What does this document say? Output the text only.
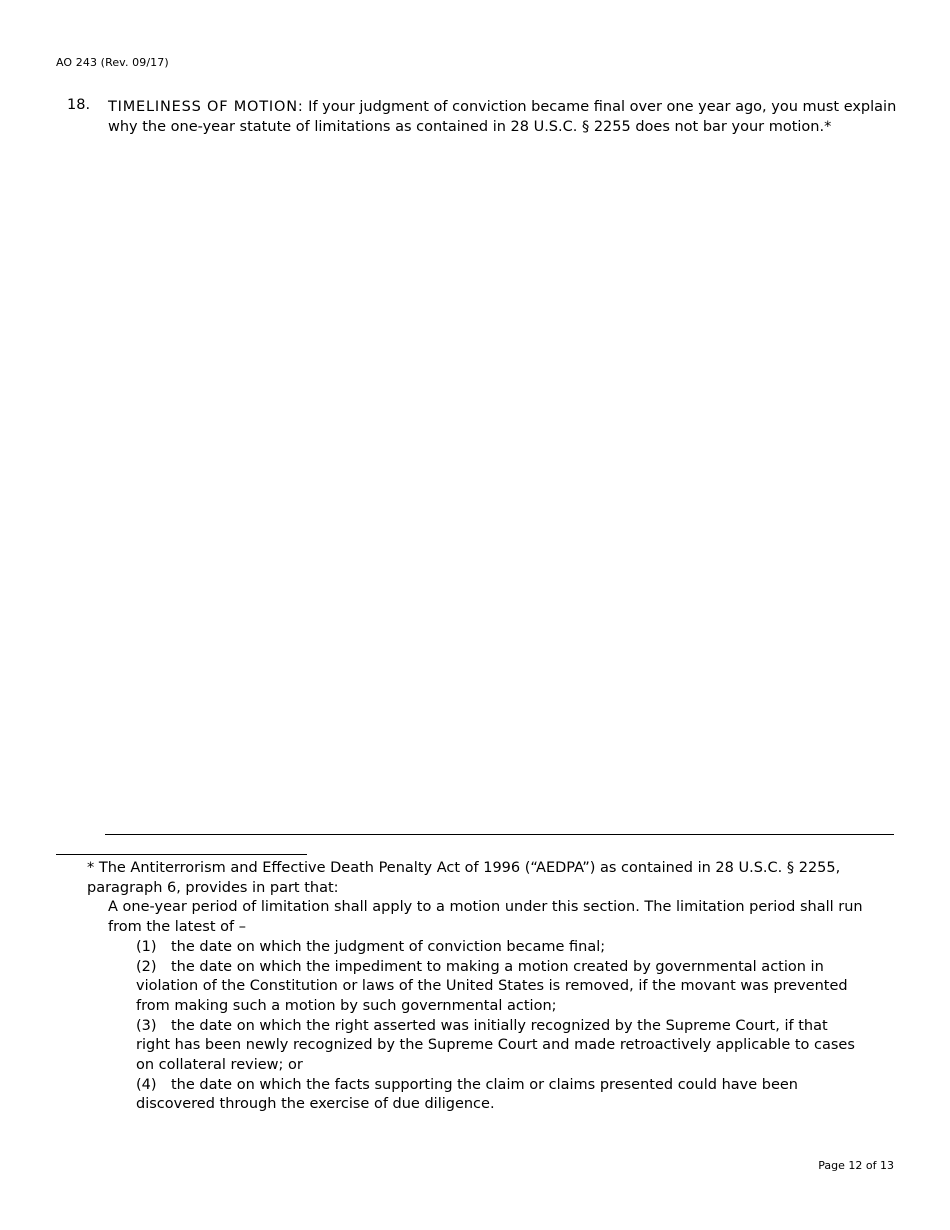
AO 243 (Rev. 09/17)
18. TIMELINESS OF MOTION: If your judgment of conviction became final over one year ago, you must explain why the one-year statute of limitations as contained in 28 U.S.C. § 2255 does not bar your motion.*

* The Antiterrorism and Effective Death Penalty Act of 1996 (“AEDPA”) as contained in 28 U.S.C. § 2255, paragraph 6, provides in part that:

A one-year period of limitation shall apply to a motion under this section. The limitation period shall run from the latest of –

(1) the date on which the judgment of conviction became final;
(2) the date on which the impediment to making a motion created by governmental action in violation of the Constitution or laws of the United States is removed, if the movant was prevented from making such a motion by such governmental action;
(3) the date on which the right asserted was initially recognized by the Supreme Court, if that right has been newly recognized by the Supreme Court and made retroactively applicable to cases on collateral review; or
(4) the date on which the facts supporting the claim or claims presented could have been discovered through the exercise of due diligence.
Page 12 of 13
